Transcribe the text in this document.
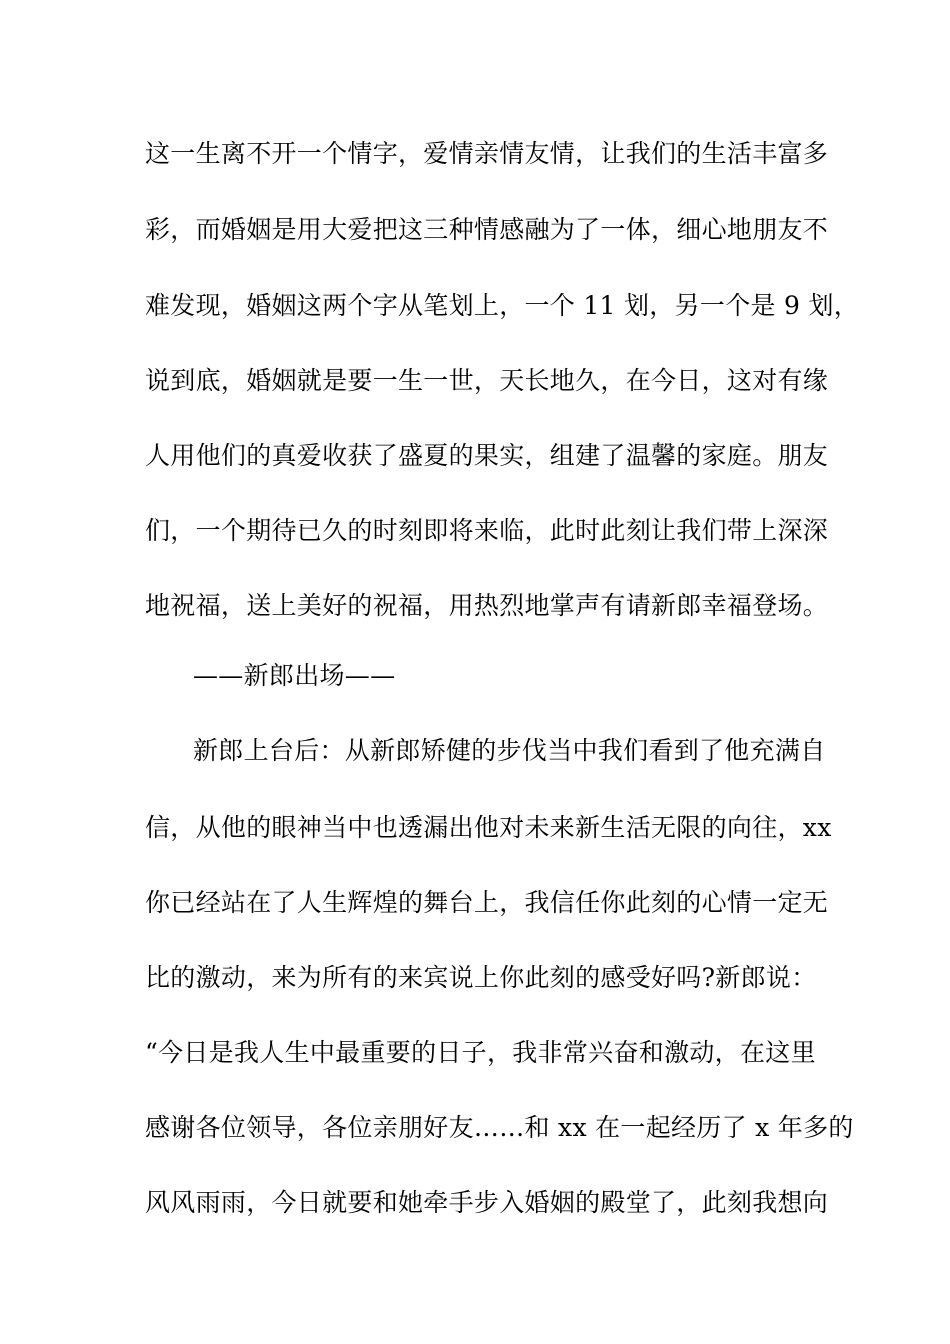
这一生离不开一个情字，爱情亲情友情，让我们的生活丰富多
彩，而婚姻是用大爱把这三种情感融为了一体，细心地朋友不
难发现，婚姻这两个字从笔划上，一个 11 划，另一个是 9 划，
说到底，婚姻就是要一生一世，天长地久，在今日，这对有缘
人用他们的真爱收获了盛夏的果实，组建了温馨的家庭。朋友
们，一个期待已久的时刻即将来临，此时此刻让我们带上深深
地祝福，送上美好的祝福，用热烈地掌声有请新郎幸福登场。
——新郎出场——
新郎上台后：从新郎矫健的步伐当中我们看到了他充满自
信，从他的眼神当中也透漏出他对未来新生活无限的向往，xx
你已经站在了人生辉煌的舞台上，我信任你此刻的心情一定无
比的激动，来为所有的来宾说上你此刻的感受好吗?新郎说：
“今日是我人生中最重要的日子，我非常兴奋和激动，在这里
感谢各位领导，各位亲朋好友……和 xx 在一起经历了 x 年多的
风风雨雨，今日就要和她牵手步入婚姻的殿堂了，此刻我想向
